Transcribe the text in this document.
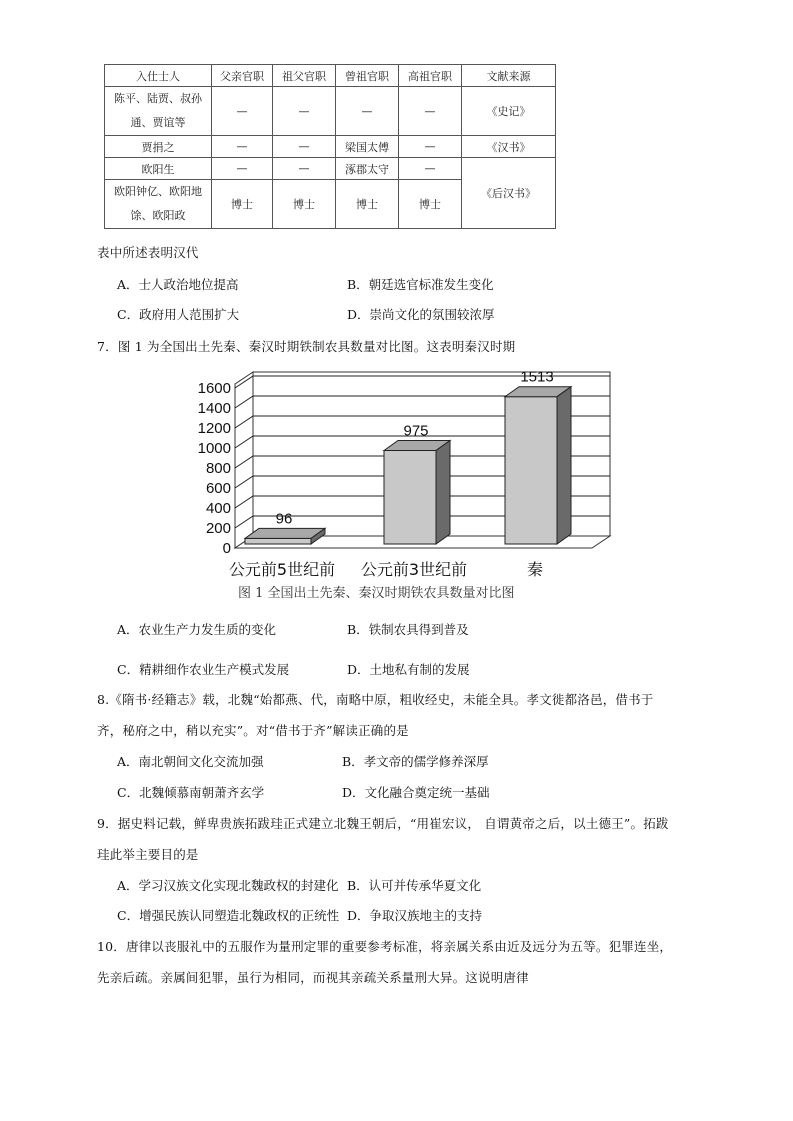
入仕士人	父亲官职	祖父官职	曾祖官职	高祖官职	文献来源

陈平、陆贾、叔孙
通、贾谊等	—	—	—	—	《史记》
贾捐之	—	—	梁国太傅	—	《汉书》
欧阳生	—	—	涿郡太守	—	《后汉书》

欧阳钟亿、欧阳地
馀、欧阳政	博士	博士	博士	博士	
表中所述表明汉代
A．士人政治地位提高	B．朝廷选官标准发生变化
C．政府用人范围扩大	D．崇尚文化的氛围较浓厚
7．图 1 为全国出土先秦、秦汉时期铁制农具数量对比图。这表明秦汉时期
0
200
400
600
800
1000
1200
1400
1600
96
公元前5世纪前
975
公元前3世纪前
1513
秦
图 1 全国出土先秦、秦汉时期铁农具数量对比图
A．农业生产力发生质的变化	B．铁制农具得到普及
C．精耕细作农业生产模式发展	D．土地私有制的发展
8.《隋书·经籍志》载，北魏“始都燕、代，南略中原，粗收经史，未能全具。孝文徙都洛邑，借书于
齐，秘府之中，稍以充实”。对“借书于齐”解读正确的是
A．南北朝间文化交流加强	B．孝文帝的儒学修养深厚
C．北魏倾慕南朝萧齐玄学	D．文化融合奠定统一基础
9．据史料记载，鲜卑贵族拓跋珪正式建立北魏王朝后，“用崔宏议， 自谓黄帝之后，以土德王”。拓跋
珪此举主要目的是
A．学习汉族文化实现北魏政权的封建化 B．认可并传承华夏文化
C．增强民族认同塑造北魏政权的正统性 D．争取汉族地主的支持
10．唐律以丧服礼中的五服作为量刑定罪的重要参考标准，将亲属关系由近及远分为五等。犯罪连坐，
先亲后疏。亲属间犯罪，虽行为相同，而视其亲疏关系量刑大异。这说明唐律
